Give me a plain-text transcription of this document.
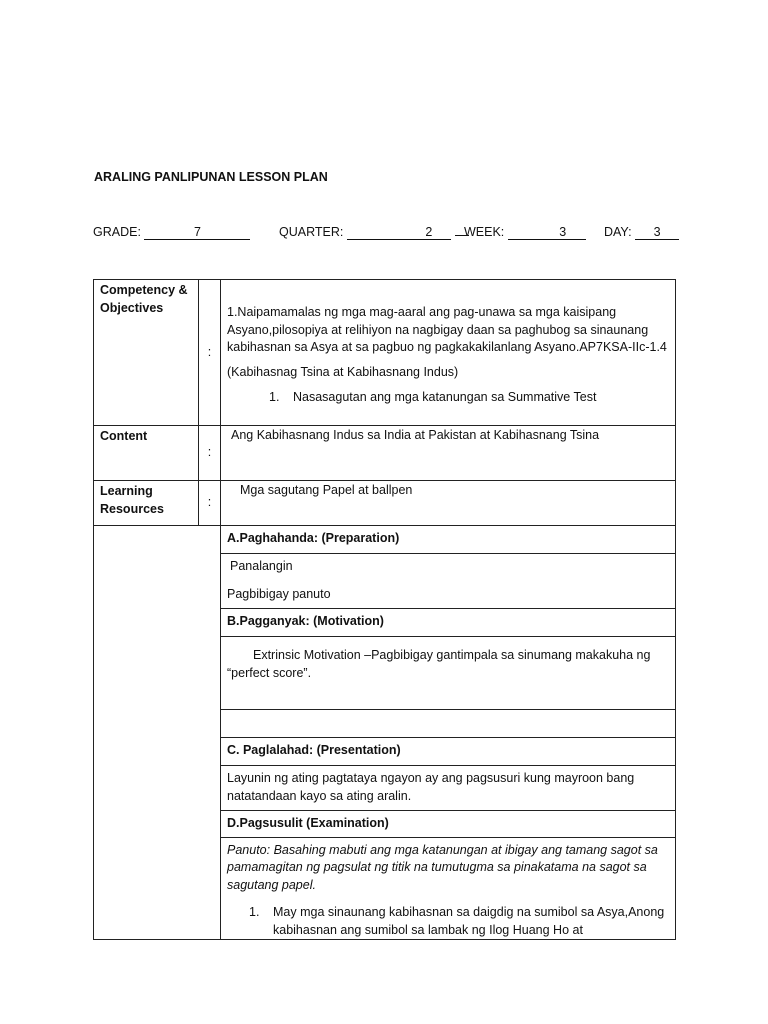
ARALING PANLIPUNAN LESSON PLAN
GRADE:	7	QUARTER:	2	WEEK:	3	DAY: 3
Competency & Objectives	:	1.Naipamamalas ng mga mag-aaral ang pag-unawa sa mga kaisipang Asyano,pilosopiya at relihiyon na nagbigay daan sa paghubog sa sinaunang kabihasnan sa Asya at sa pagbuo ng pagkakakilanlang Asyano.AP7KSA-IIc-1.4

(Kabihasnag Tsina at Kabihasnang Indus)

1. Nasasagutan ang mga katanungan sa Summative Test

Content	:	Ang Kabihasnang Indus sa India at Pakistan at Kabihasnang Tsina
Learning Resources	:	Mga sagutang Papel at ballpen
		A.Paghahanda: (Preparation)

		Panalangin

Pagbibigay panuto

		B.Pagganyak: (Motivation)

		Extrinsic Motivation –Pagbibigay gantimpala sa sinumang makakuha ng “perfect score”.

		C. Paglalahad: (Presentation)
		Layunin ng ating pagtataya ngayon ay ang pagsusuri kung mayroon bang natatandaan kayo sa ating aralin.
		D.Pagsusulit (Examination)

		Panuto: Basahing mabuti ang mga katanungan at ibigay ang tamang sagot sa pamamagitan ng pagsulat ng titik na tumutugma sa pinakatama na sagot sa sagutang papel.

1. May mga sinaunang kabihasnan sa daigdig na sumibol sa Asya,Anong kabihasnan ang sumibol sa lambak ng Ilog Huang Ho at
